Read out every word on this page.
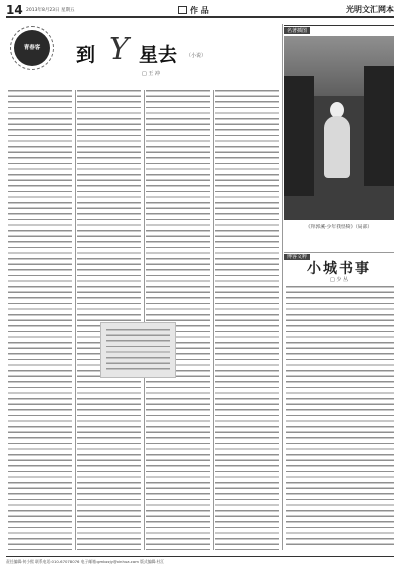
14 2013年8月23日 星期五	作 品	光明文汇网本
青春客	到 Y 星去 （小说）
□ 王 冲
名著插图
《拜郭溪-少年我怪犄》（局部）
博客文粹
小城书事
□ 少 丛
责任编辑:何小熙 联系电话:010-67078076 电子邮箱:gmbzzjy@xinhua.com 版式编辑:杜江
